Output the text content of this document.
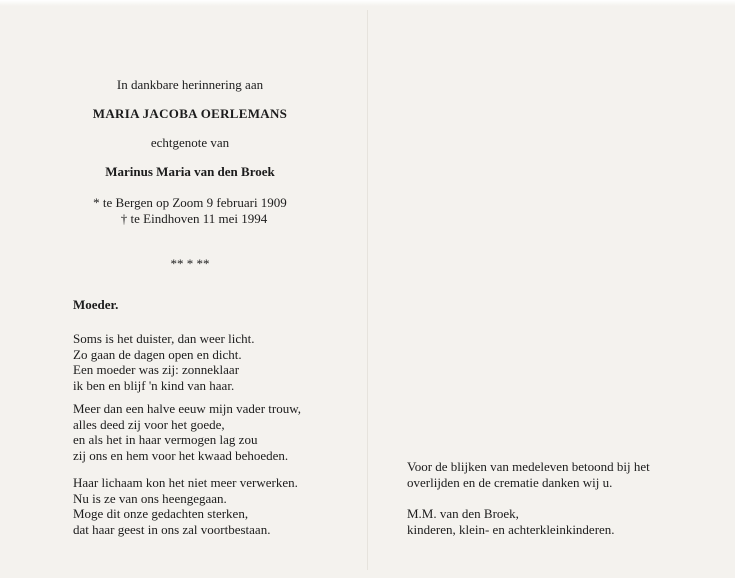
In dankbare herinnering aan
MARIA JACOBA OERLEMANS
echtgenote van
Marinus Maria van den Broek
* te Bergen op Zoom 9 februari 1909
† te Eindhoven 11 mei 1994
** * **
Moeder.
Soms is het duister, dan weer licht.
Zo gaan de dagen open en dicht.
Een moeder was zij: zonneklaar
ik ben en blijf 'n kind van haar.
Meer dan een halve eeuw mijn vader trouw,
alles deed zij voor het goede,
en als het in haar vermogen lag zou
zij ons en hem voor het kwaad behoeden.
Haar lichaam kon het niet meer verwerken.
Nu is ze van ons heengegaan.
Moge dit onze gedachten sterken,
dat haar geest in ons zal voortbestaan.
Voor de blijken van medeleven betoond bij het
overlijden en de crematie danken wij u.
M.M. van den Broek,
kinderen, klein- en achterkleinkinderen.
